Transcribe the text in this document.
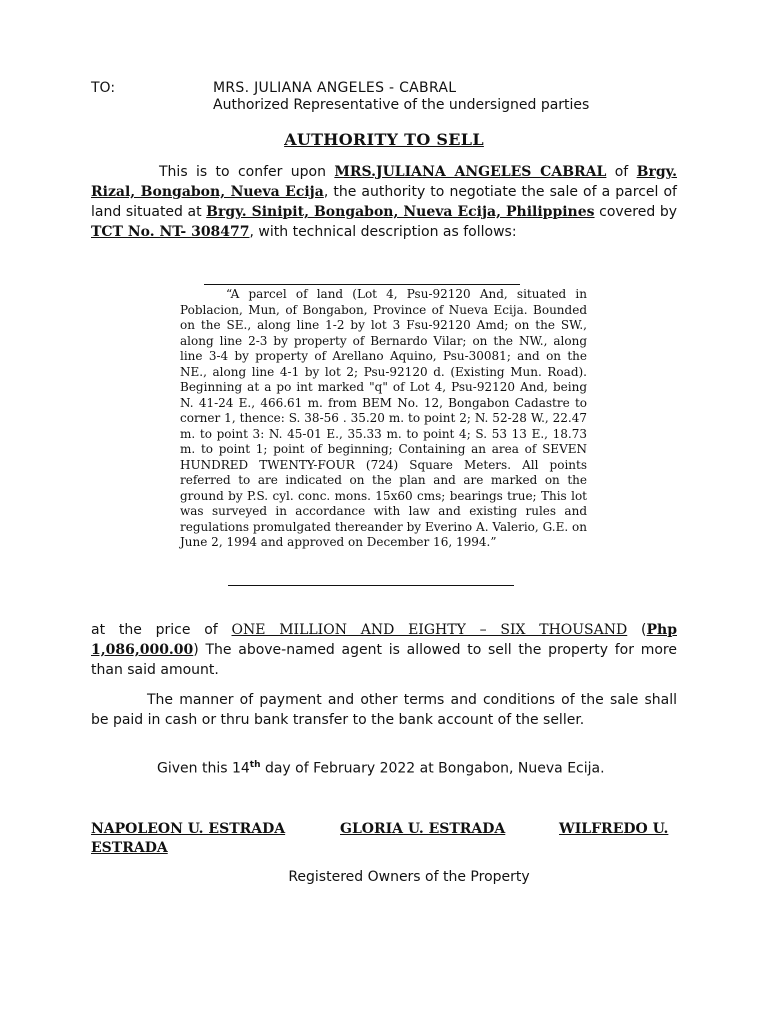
TO:	MRS. JULIANA ANGELES - CABRAL
Authorized Representative of the undersigned parties
AUTHORITY TO SELL
This is to confer upon MRS.JULIANA ANGELES CABRAL of Brgy. Rizal, Bongabon, Nueva Ecija, the authority to negotiate the sale of a parcel of land situated at Brgy. Sinipit, Bongabon, Nueva Ecija, Philippines covered by TCT No. NT- 308477, with technical description as follows:
“A parcel of land (Lot 4, Psu-92120 And, situated in Poblacion, Mun, of Bongabon, Province of Nueva Ecija. Bounded on the SE., along line 1-2 by lot 3 Fsu-92120 Amd; on the SW., along line 2-3 by property of Bernardo Vilar; on the NW., along line 3-4 by property of Arellano Aquino, Psu-30081; and on the NE., along line 4-1 by lot 2; Psu-92120 d. (Existing Mun. Road). Beginning at a po int marked "q" of Lot 4, Psu-92120 And, being N. 41-24 E., 466.61 m. from BEM No. 12, Bongabon Cadastre to corner 1, thence: S. 38-56 . 35.20 m. to point 2; N. 52-28 W., 22.47 m. to point 3: N. 45-01 E., 35.33 m. to point 4; S. 53 13 E., 18.73 m. to point 1; point of beginning; Containing an area of SEVEN HUNDRED TWENTY-FOUR (724) Square Meters. All points referred to are indicated on the plan and are marked on the ground by P.S. cyl. conc. mons. 15x60 cms; bearings true; This lot was surveyed in accordance with law and existing rules and regulations promulgated thereander by Everino A. Valerio, G.E. on June 2, 1994 and approved on December 16, 1994.”
at the price of ONE MILLION AND EIGHTY – SIX THOUSAND (Php 1,086,000.00) The above-named agent is allowed to sell the property for more than said amount.
The manner of payment and other terms and conditions of the sale shall be paid in cash or thru bank transfer to the bank account of the seller.
Given this 14th day of February 2022 at Bongabon, Nueva Ecija.
NAPOLEON U. ESTRADA	GLORIA U. ESTRADA	WILFREDO U.
ESTRADA
Registered Owners of the Property
